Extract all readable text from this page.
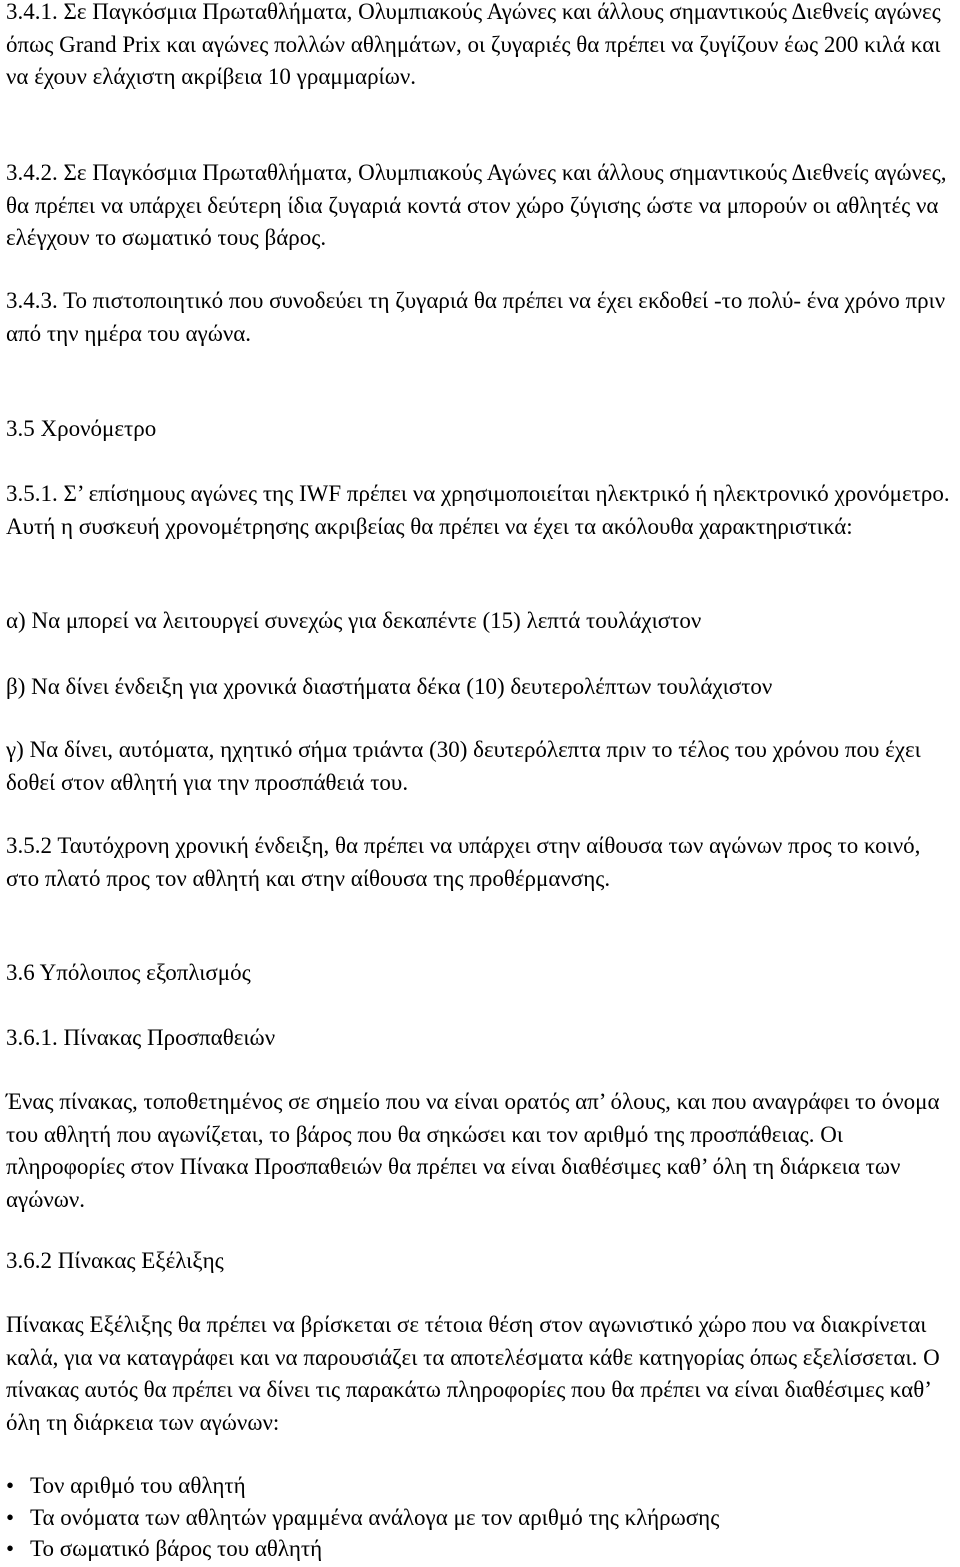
3.4.1. Σε Παγκόσμια Πρωταθλήματα, Ολυμπιακούς Αγώνες και άλλους σημαντικούς Διεθνείς αγώνες όπως Grand Prix και αγώνες πολλών αθλημάτων, οι ζυγαριές θα πρέπει να ζυγίζουν έως 200 κιλά και να έχουν ελάχιστη ακρίβεια 10 γραμμαρίων.

3.4.2. Σε Παγκόσμια Πρωταθλήματα, Ολυμπιακούς Αγώνες και άλλους σημαντικούς Διεθνείς αγώνες, θα πρέπει να υπάρχει δεύτερη ίδια ζυγαριά κοντά στον χώρο ζύγισης ώστε να μπορούν οι αθλητές να ελέγχουν το σωματικό τους βάρος.

3.4.3. Το πιστοποιητικό που συνοδεύει τη ζυγαριά θα πρέπει να έχει εκδοθεί -το πολύ- ένα χρόνο πριν από την ημέρα του αγώνα.

3.5 Χρονόμετρο

3.5.1. Σ’ επίσημους αγώνες της IWF πρέπει να χρησιμοποιείται ηλεκτρικό ή ηλεκτρονικό χρονόμετρο. Αυτή η συσκευή χρονομέτρησης ακριβείας θα πρέπει να έχει τα ακόλουθα χαρακτηριστικά:

α) Να μπορεί να λειτουργεί συνεχώς για δεκαπέντε (15) λεπτά τουλάχιστον

β) Να δίνει ένδειξη για χρονικά διαστήματα δέκα (10) δευτερολέπτων τουλάχιστον

γ) Να δίνει, αυτόματα, ηχητικό σήμα τριάντα (30) δευτερόλεπτα πριν το τέλος του χρόνου που έχει δοθεί στον αθλητή για την προσπάθειά του.

3.5.2 Ταυτόχρονη χρονική ένδειξη, θα πρέπει να υπάρχει στην αίθουσα των αγώνων προς το κοινό, στο πλατό προς τον αθλητή και στην αίθουσα της προθέρμανσης.

3.6 Υπόλοιπος εξοπλισμός

3.6.1. Πίνακας Προσπαθειών

Ένας πίνακας, τοποθετημένος σε σημείο που να είναι ορατός απ’ όλους, και που αναγράφει το όνομα του αθλητή που αγωνίζεται, το βάρος που θα σηκώσει και τον αριθμό της προσπάθειας. Οι πληροφορίες στον Πίνακα Προσπαθειών θα πρέπει να είναι διαθέσιμες καθ’ όλη τη διάρκεια των αγώνων.

3.6.2 Πίνακας Εξέλιξης

Πίνακας Εξέλιξης θα πρέπει να βρίσκεται σε τέτοια θέση στον αγωνιστικό χώρο που να διακρίνεται καλά, για να καταγράφει και να παρουσιάζει τα αποτελέσματα κάθε κατηγορίας όπως εξελίσσεται. Ο πίνακας αυτός θα πρέπει να δίνει τις παρακάτω πληροφορίες που θα πρέπει να είναι διαθέσιμες καθ’ όλη τη διάρκεια των αγώνων:

• Τον αριθμό του αθλητή
• Τα ονόματα των αθλητών γραμμένα ανάλογα με τον αριθμό της κλήρωσης
• Το σωματικό βάρος του αθλητή
